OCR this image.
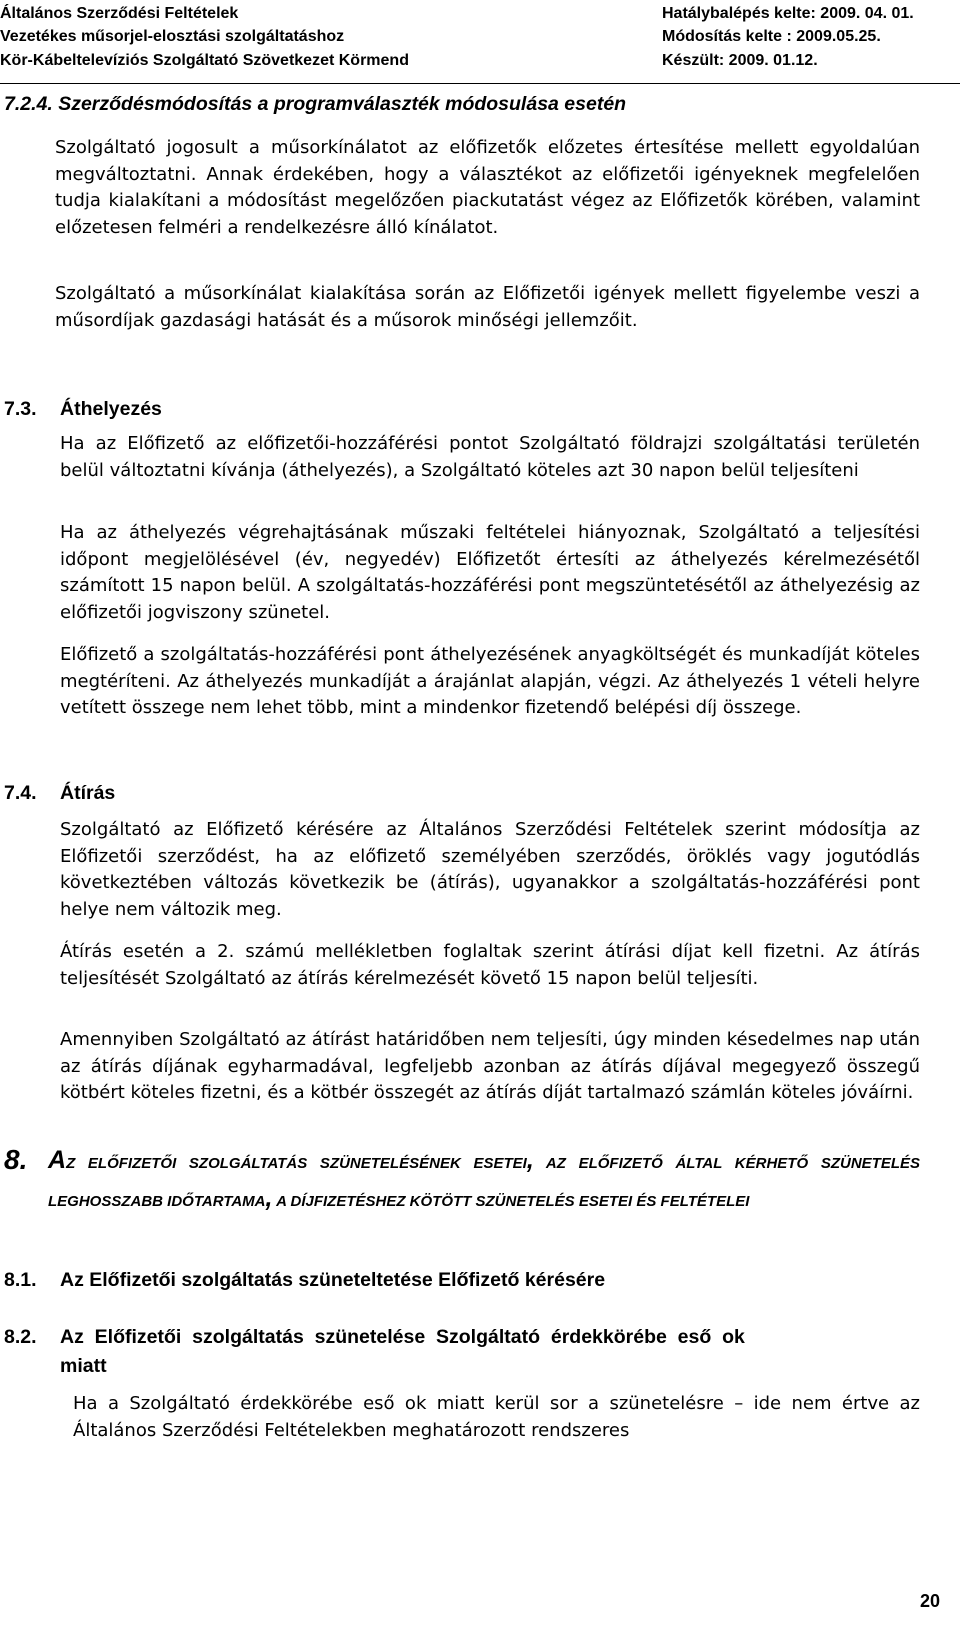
Általános Szerződési Feltételek	Hatálybalépés kelte: 2009. 04. 01.
Vezetékes műsorjel-elosztási szolgáltatáshoz	Módosítás kelte : 2009.05.25.
Kör-Kábeltelevíziós Szolgáltató Szövetkezet Körmend	Készült: 2009. 01.12.
7.2.4. Szerződésmódosítás a programválaszték módosulása esetén

Szolgáltató jogosult a műsorkínálatot az előfizetők előzetes értesítése mellett egyoldalúan megváltoztatni. Annak érdekében, hogy a választékot az előfizetői igényeknek megfelelően tudja kialakítani a módosítást megelőzően piackutatást végez az Előfizetők körében, valamint előzetesen felméri a rendelkezésre álló kínálatot.

Szolgáltató a műsorkínálat kialakítása során az Előfizetői igények mellett figyelembe veszi a műsordíjak gazdasági hatását és a műsorok minőségi jellemzőit.

7.3. Áthelyezés

Ha az Előfizető az előfizetői-hozzáférési pontot Szolgáltató földrajzi szolgáltatási területén belül változtatni kívánja (áthelyezés), a Szolgáltató köteles azt 30 napon belül teljesíteni

Ha az áthelyezés végrehajtásának műszaki feltételei hiányoznak, Szolgáltató a teljesítési időpont megjelölésével (év, negyedév) Előfizetőt értesíti az áthelyezés kérelmezésétől számított 15 napon belül. A szolgáltatás-hozzáférési pont megszüntetésétől az áthelyezésig az előfizetői jogviszony szünetel.

Előfizető a szolgáltatás-hozzáférési pont áthelyezésének anyagköltségét és munkadíját köteles megtéríteni. Az áthelyezés munkadíját a árajánlat alapján, végzi. Az áthelyezés 1 vételi helyre vetített összege nem lehet több, mint a mindenkor fizetendő belépési díj összege.

7.4. Átírás

Szolgáltató az Előfizető kérésére az Általános Szerződési Feltételek szerint módosítja az Előfizetői szerződést, ha az előfizető személyében szerződés, öröklés vagy jogutódlás következtében változás következik be (átírás), ugyanakkor a szolgáltatás-hozzáférési pont helye nem változik meg.

Átírás esetén a 2. számú mellékletben foglaltak szerint átírási díjat kell fizetni. Az átírás teljesítését Szolgáltató az átírás kérelmezését követő 15 napon belül teljesíti.

Amennyiben Szolgáltató az átírást határidőben nem teljesíti, úgy minden késedelmes nap után az átírás díjának egyharmadával, legfeljebb azonban az átírás díjával megegyező összegű kötbért köteles fizetni, és a kötbér összegét az átírás díját tartalmazó számlán köteles jóváírni.

8. AZ ELŐFIZETŐI SZOLGÁLTATÁS SZÜNETELÉSÉNEK ESETEI, AZ ELŐFIZETŐ ÁLTAL KÉRHETŐ SZÜNETELÉS LEGHOSSZABB IDŐTARTAMA, A DÍJFIZETÉSHEZ KÖTÖTT SZÜNETELÉS ESETEI ÉS FELTÉTELEI
8.1. Az Előfizetői szolgáltatás szüneteltetése Előfizető kérésére
8.2. Az  Előfizetői  szolgáltatás  szünetelése  Szolgáltató  érdekkörébe  eső  ok
miatt

Ha a Szolgáltató érdekkörébe eső ok miatt kerül sor a szünetelésre – ide nem értve az Általános Szerződési Feltételekben meghatározott rendszeres

20
